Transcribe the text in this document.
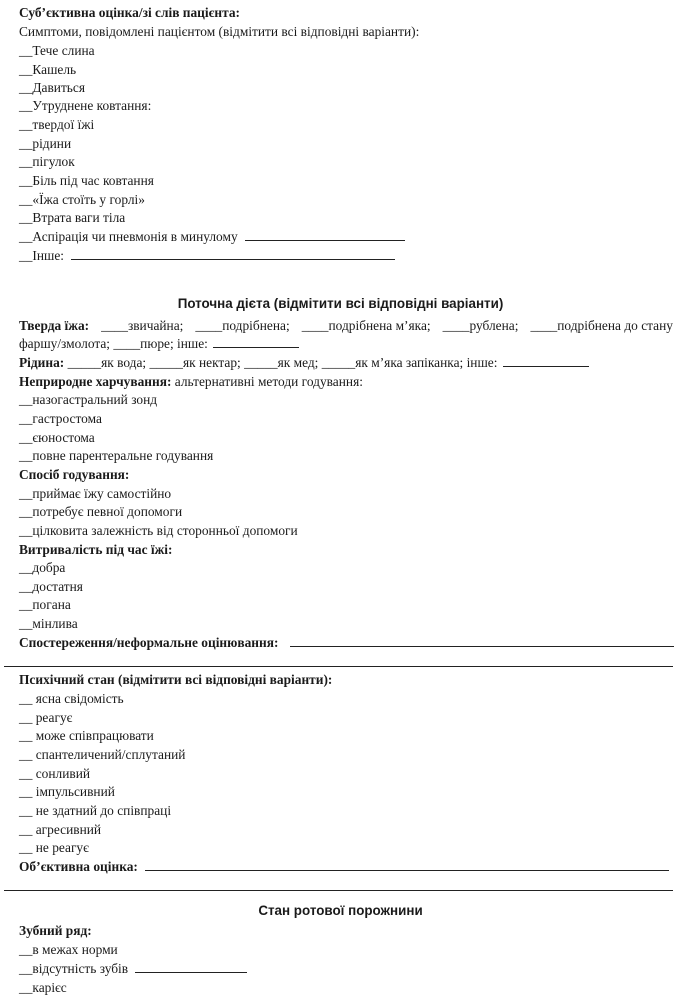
Суб’єктивна оцінка/зі слів пацієнта:
Симптоми, повідомлені пацієнтом (відмітити всі відповідні варіанти):
__Тече слина
__Кашель
__Давиться
__Утруднене ковтання:
__твердої їжі
__рідини
__пігулок
__Біль під час ковтання
__«Їжа стоїть у горлі»
__Втрата ваги тіла
__Аспірація чи пневмонія в минулому
__Інше:
Поточна дієта (відмітити всі відповідні варіанти)
Тверда їжа: ____звичайна; ____подрібнена; ____подрібнена м’яка; ____рублена; ____подрібнена до стану
фаршу/змолота; ____пюре; інше:
Рідина: _____як вода; _____як нектар; _____як мед; _____як м’яка запіканка; інше:
Неприродне харчування: альтернативні методи годування:
__назогастральний зонд
__гастростома
__єюностома
__повне парентеральне годування
Спосіб годування:
__приймає їжу самостійно
__потребує певної допомоги
__цілковита залежність від сторонньої допомоги
Витривалість під час їжі:
__добра
__достатня
__погана
__мінлива
Спостереження/неформальне оцінювання:
Психічний стан (відмітити всі відповідні варіанти):
__ ясна свідомість
__ реагує
__ може співпрацювати
__ спантеличений/сплутаний
__ сонливий
__ імпульсивний
__ не здатний до співпраці
__ агресивний
__ не реагує
Об’єктивна оцінка:
Стан ротової порожнини
Зубний ряд:
__в межах норми
__відсутність зубів
__карієс
